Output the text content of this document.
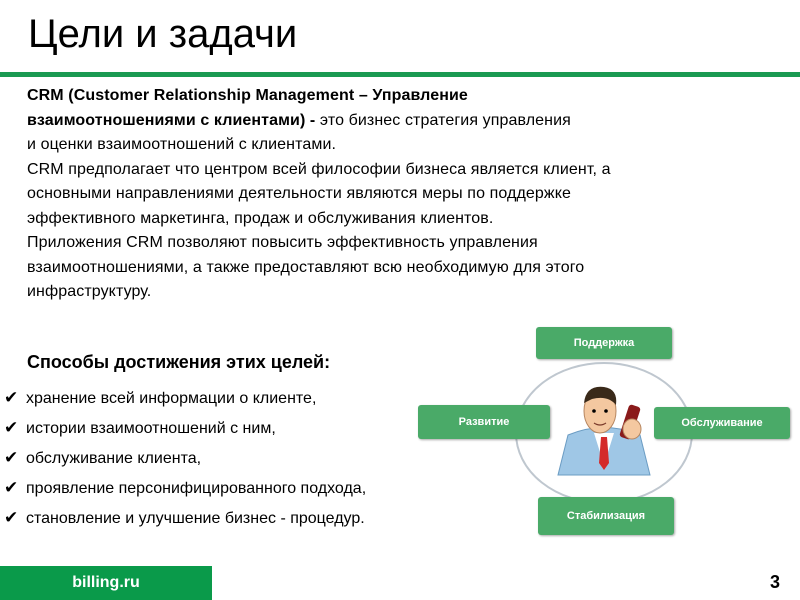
Цели и задачи
CRM (Customer Relationship Management – Управление
взаимоотношениями с клиентами) - это бизнес стратегия управления
и оценки взаимоотношений с клиентами.
CRM предполагает что центром всей философии бизнеса является клиент, а
основными направлениями деятельности являются меры по поддержке
эффективного маркетинга, продаж и обслуживания клиентов.
Приложения CRM позволяют повысить эффективность управления
взаимоотношениями, а также предоставляют всю необходимую для этого
инфраструктуру.
Способы достижения этих целей:
✔ хранение всей информации о клиенте,
✔ истории взаимоотношений с ним,
✔ обслуживание клиента,
✔ проявление персонифицированного подхода,
✔ становление и улучшение бизнес - процедур.
Поддержка
Обслуживание
Стабилизация
Развитие
billing.ru	3
